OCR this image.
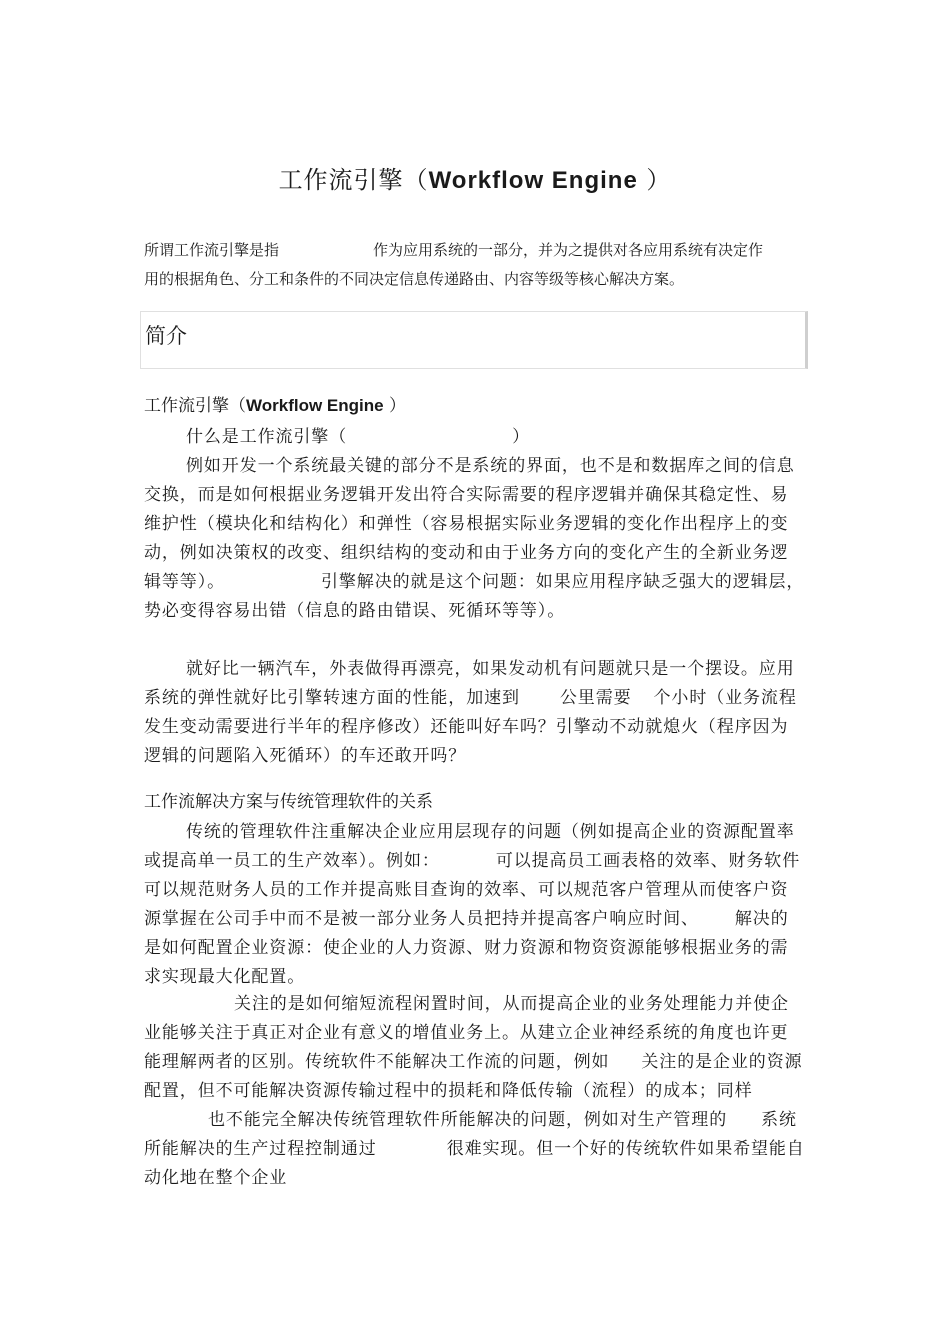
工作流引擎（Workflow Engine ）
所谓工作流引擎是指	作为应用系统的一部分，并为之提供对各应用系统有决定作
用的根据角色、分工和条件的不同决定信息传递路由、内容等级等核心解决方案。
简介
工作流引擎（Workflow Engine ）

什么是工作流引擎（	）

例如开发一个系统最关键的部分不是系统的界面，也不是和数据库之间的信息交换，而是如何根据业务逻辑开发出符合实际需要的程序逻辑并确保其稳定性、易维护性（模块化和结构化）和弹性（容易根据实际业务逻辑的变化作出程序上的变动，例如决策权的改变、组织结构的变动和由于业务方向的变化产生的全新业务逻辑等等）。	引擎解决的就是这个问题：如果应用程序缺乏强大的逻辑层，势必变得容易出错（信息的路由错误、死循环等等）。

就好比一辆汽车，外表做得再漂亮，如果发动机有问题就只是一个摆设。应用系统的弹性就好比引擎转速方面的性能，加速到 公里需要 个小时（业务流程发生变动需要进行半年的程序修改）还能叫好车吗？引擎动不动就熄火（程序因为逻辑的问题陷入死循环）的车还敢开吗？

工作流解决方案与传统管理软件的关系

传统的管理软件注重解决企业应用层现存的问题（例如提高企业的资源配置率或提高单一员工的生产效率）。例如：	可以提高员工画表格的效率、财务软件可以规范财务人员的工作并提高账目查询的效率、可以规范客户管理从而使客户资源掌握在公司手中而不是被一部分业务人员把持并提高客户响应时间、 解决的是如何配置企业资源：使企业的人力资源、财力资源和物资资源能够根据业务的需求实现最大化配置。

关注的是如何缩短流程闲置时间，从而提高企业的业务处理能力并使企业能够关注于真正对企业有意义的增值业务上。从建立企业神经系统的角度也许更能理解两者的区别。传统软件不能解决工作流的问题，例如 关注的是企业的资源配置，但不可能解决资源传输过程中的损耗和降低传输（流程）的成本；同样也不能完全解决传统管理软件所能解决的问题，例如对生产管理的 系统所能解决的生产过程控制通过	很难实现。但一个好的传统软件如果希望能自动化地在整个企业
